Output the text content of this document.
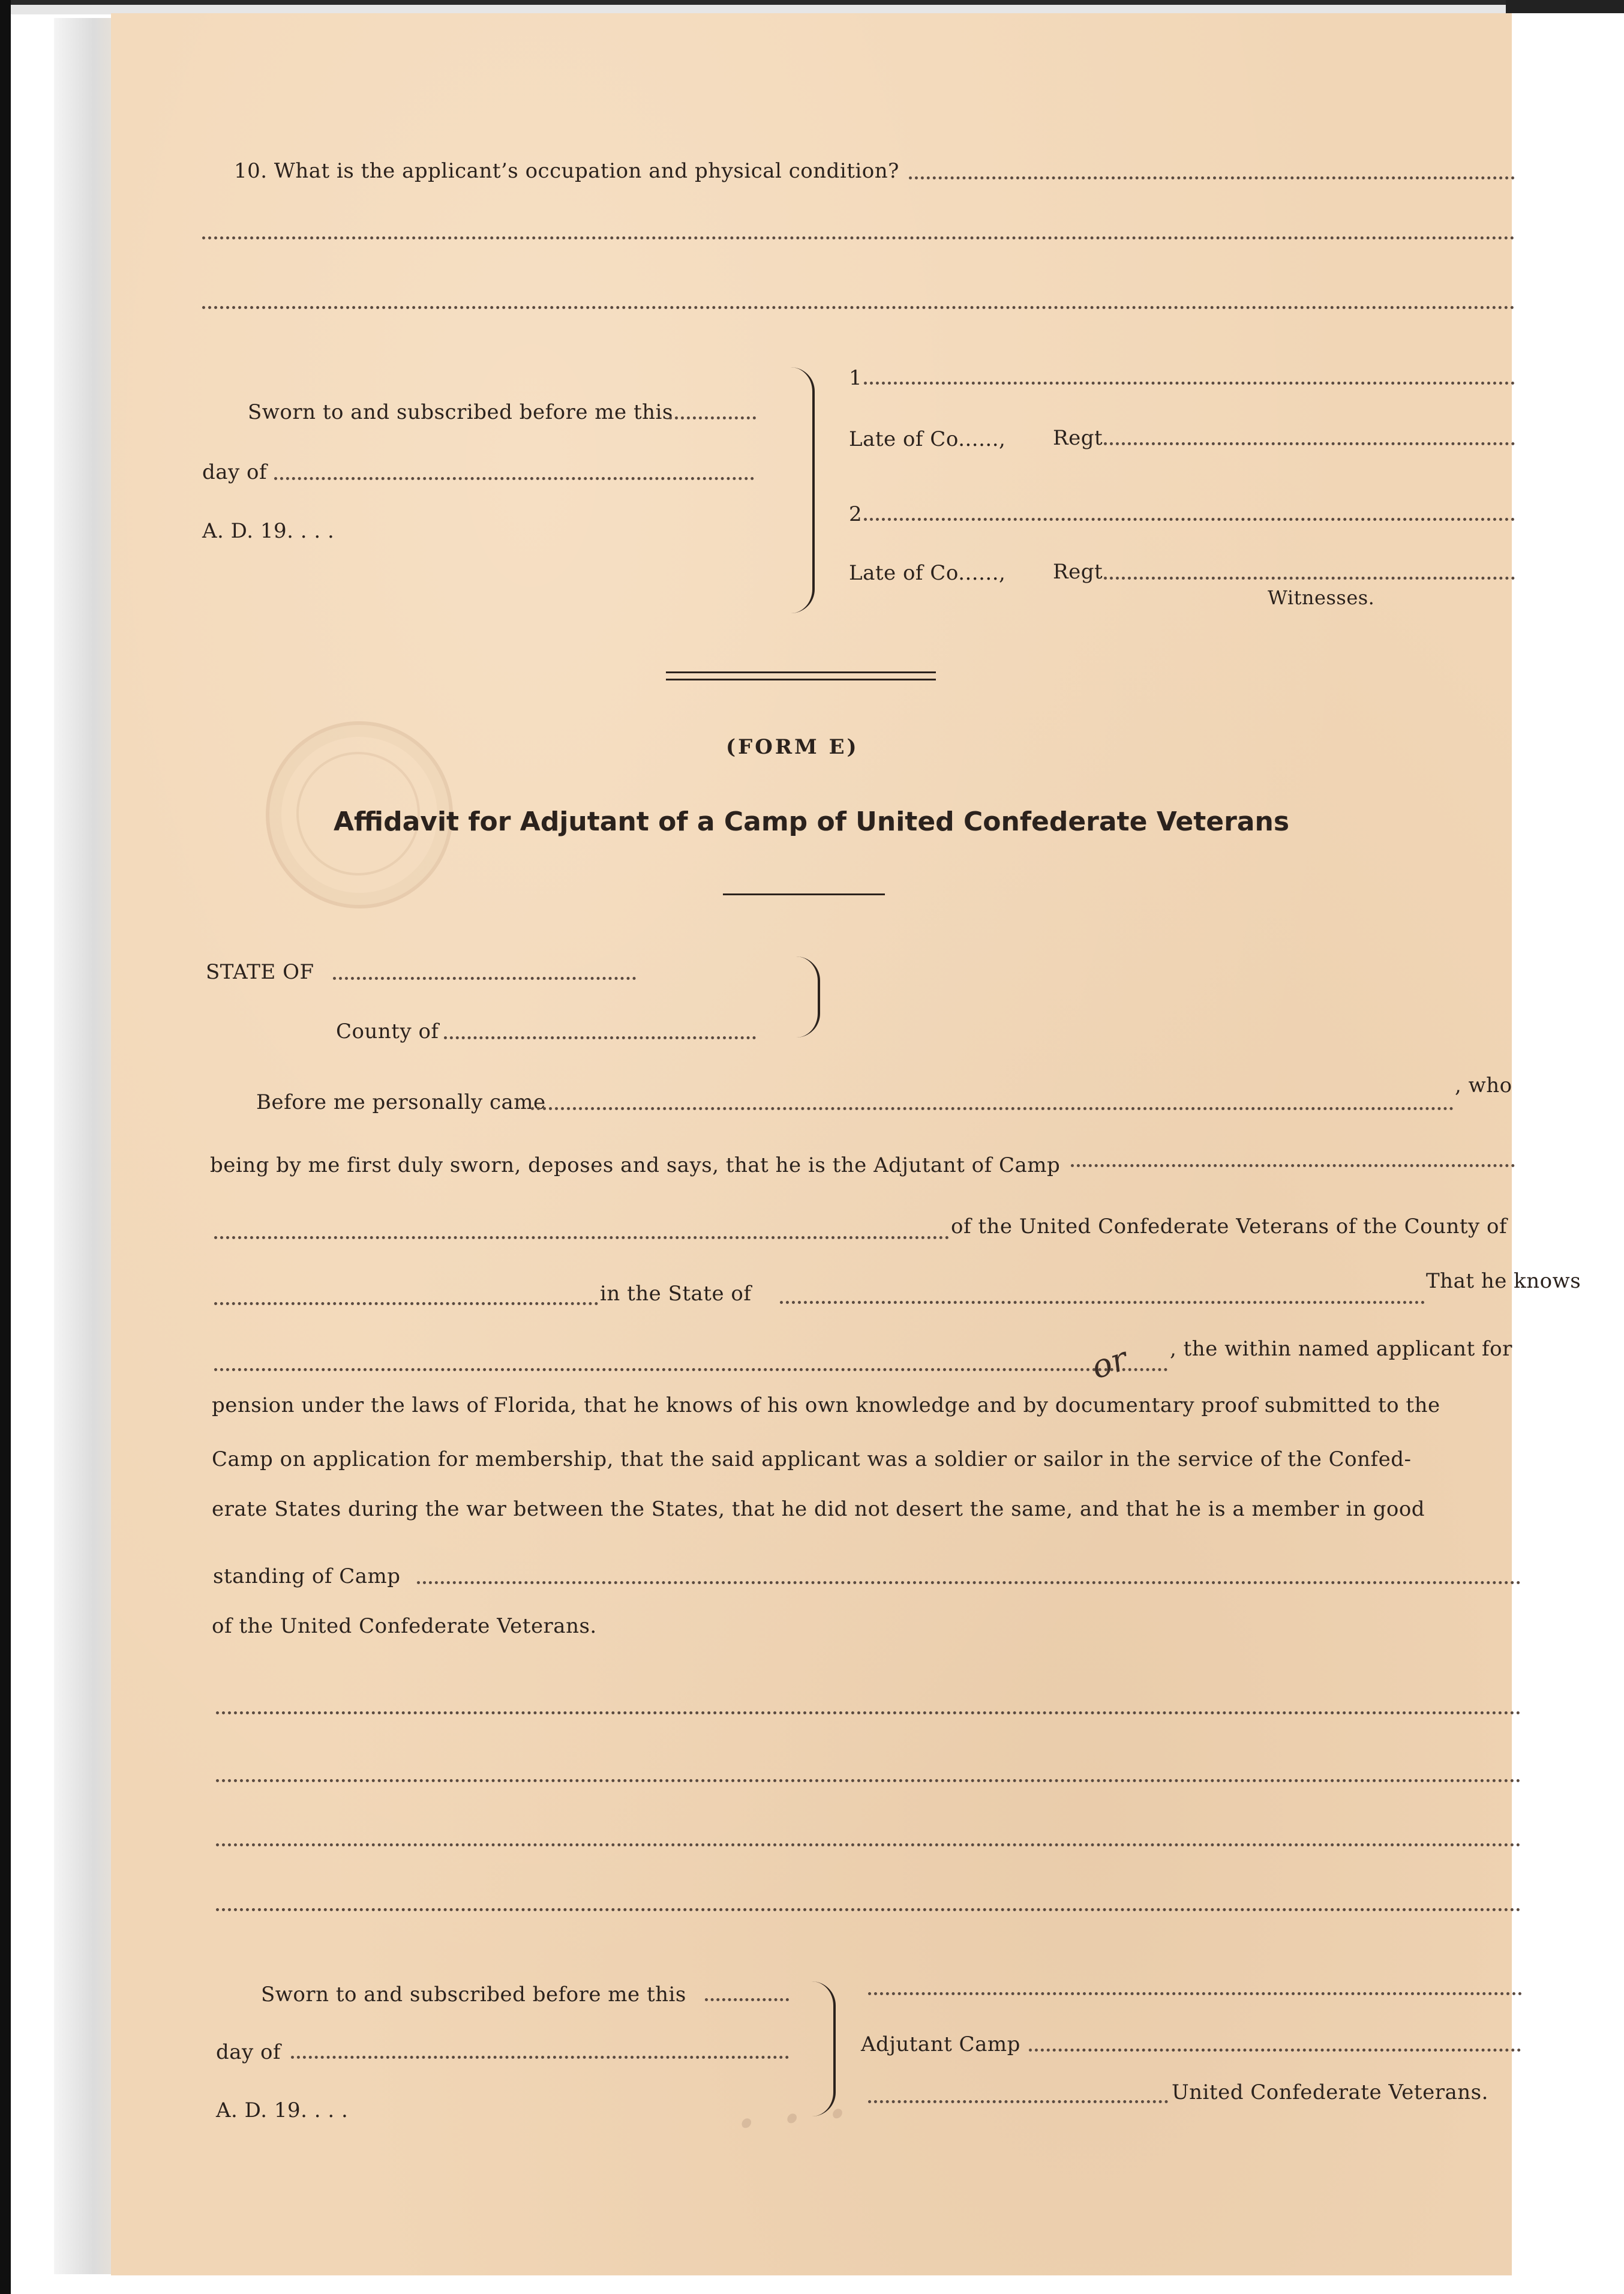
· · ·
10. What is the applicant’s occupation and physical condition?
Sworn to and subscribed before me this
day of
A. D. 19. . . .
1
Late of Co......, Regt
2
Late of Co......, Regt
Witnesses.
(FORM E)
Affidavit for Adjutant of a Camp of United Confederate Veterans
STATE OF
County of
Before me personally came
, who
being by me first duly sworn, deposes and says, that he is the Adjutant of Camp
of the United Confederate Veterans of the County of
in the State of
That he knows
, the within named applicant for
pension under the laws of Florida, that he knows of his own knowledge and by documentary proof submitted to the
or
Camp on application for membership, that the said applicant was a soldier or sailor in the service of the Confed-
erate States during the war between the States, that he did not desert the same, and that he is a member in good
standing of Camp
of the United Confederate Veterans.
Sworn to and subscribed before me this
day of
A. D. 19. . . .
Adjutant Camp
United Confederate Veterans.
